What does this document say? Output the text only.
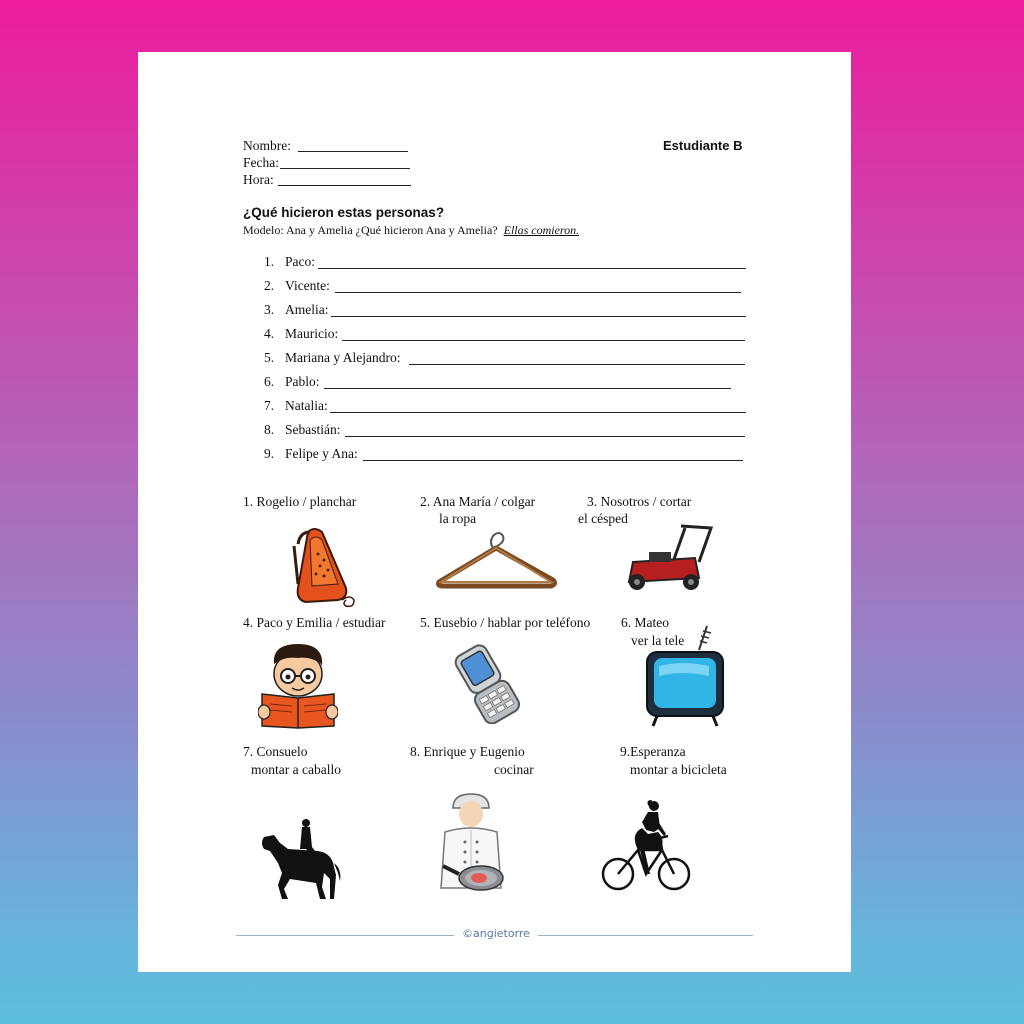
Nombre:
Fecha:
Hora:
Estudiante B
¿Qué hicieron estas personas?
Modelo: Ana y Amelia ¿Qué hicieron Ana y Amelia? Ellas comieron.
1. Paco:
2. Vicente:
3. Amelia:
4. Mauricio:
5. Mariana y Alejandro:
6. Pablo:
7. Natalia:
8. Sebastián:
9. Felipe y Ana:
1. Rogelio / planchar	2. Ana María / colgar
la ropa
3. Nosotros / cortar
el césped
4. Paco y Emilia / estudiar	5. Eusebio / hablar por teléfono 6. Mateo
ver la tele
7. Consuelo
montar a caballo
8. Enrique y Eugenio
cocinar
9.Esperanza
montar a bicicleta
©angietorre
